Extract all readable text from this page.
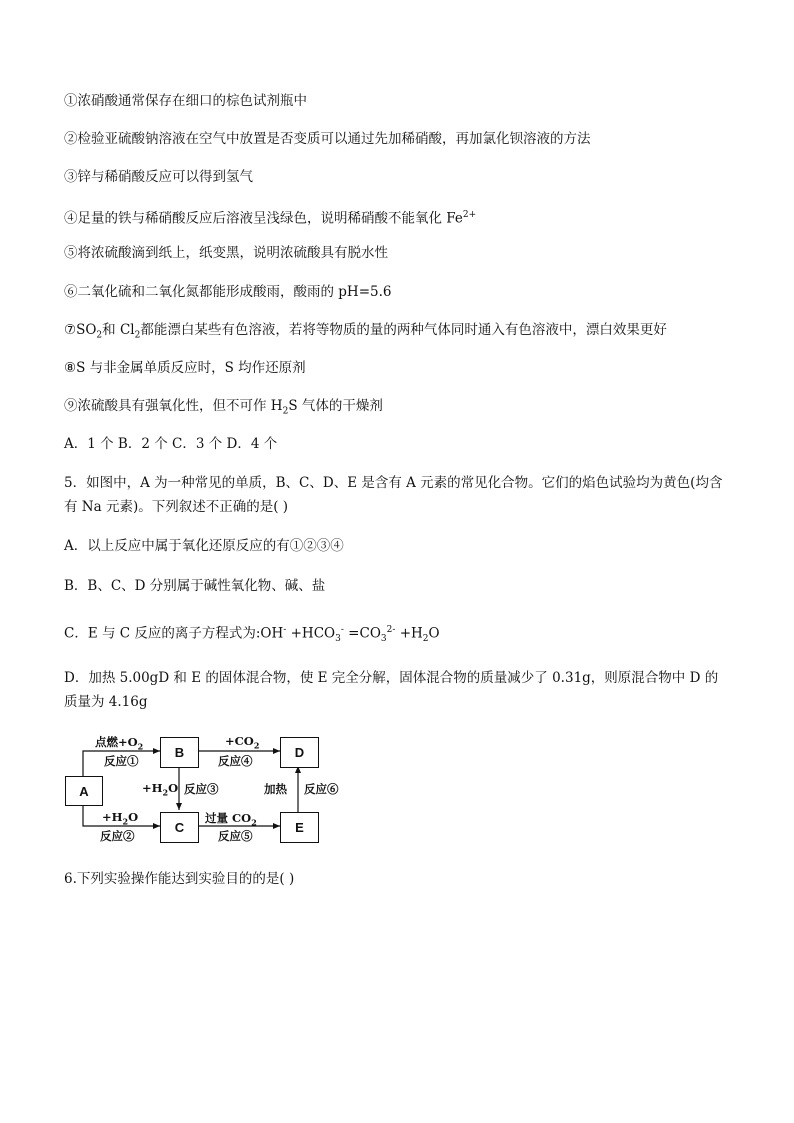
①浓硝酸通常保存在细口的棕色试剂瓶中
②检验亚硫酸钠溶液在空气中放置是否变质可以通过先加稀硝酸，再加氯化钡溶液的方法
③锌与稀硝酸反应可以得到氢气
④足量的铁与稀硝酸反应后溶液呈浅绿色，说明稀硝酸不能氧化 $Fe^{2+}$
⑤将浓硫酸滴到纸上，纸变黑，说明浓硫酸具有脱水性
⑥二氧化硫和二氧化氮都能形成酸雨，酸雨的 pH=5.6
$⑦SO_2$和 $Cl_2$都能漂白某些有色溶液，若将等物质的量的两种气体同时通入有色溶液中，漂白效果更好
⑧S 与非金属单质反应时，S 均作还原剂
⑨浓硫酸具有强氧化性，但不可作 $H_2S$ 气体的干燥剂
A．1 个 B．2 个 C．3 个 D．4 个
5．如图中，A 为一种常见的单质，B、C、D、E 是含有 A 元素的常见化合物。它们的焰色试验均为黄色(均含有 Na 元素)。下列叙述不正确的是( )
A．以上反应中属于氧化还原反应的有①②③④
B．B、C、D 分别属于碱性氧化物、碱、盐
C．E 与 C 反应的离子方程式为:OH- $+HCO_3^- =CO_3^{2-} +H_2O$
D．加热 5.00gD 和 E 的固体混合物，使 E 完全分解，固体混合物的质量减少了 0.31g，则原混合物中 D 的质量为 4.16g
A
B	D
C	E
点燃$+O_2$
反应①
$+CO_2$
反应④
$+H_2O$ 反应③
$+H_2O$
反应②
过量 $CO_2$
反应⑤
加热 反应⑥
6.下列实验操作能达到实验目的的是( )
